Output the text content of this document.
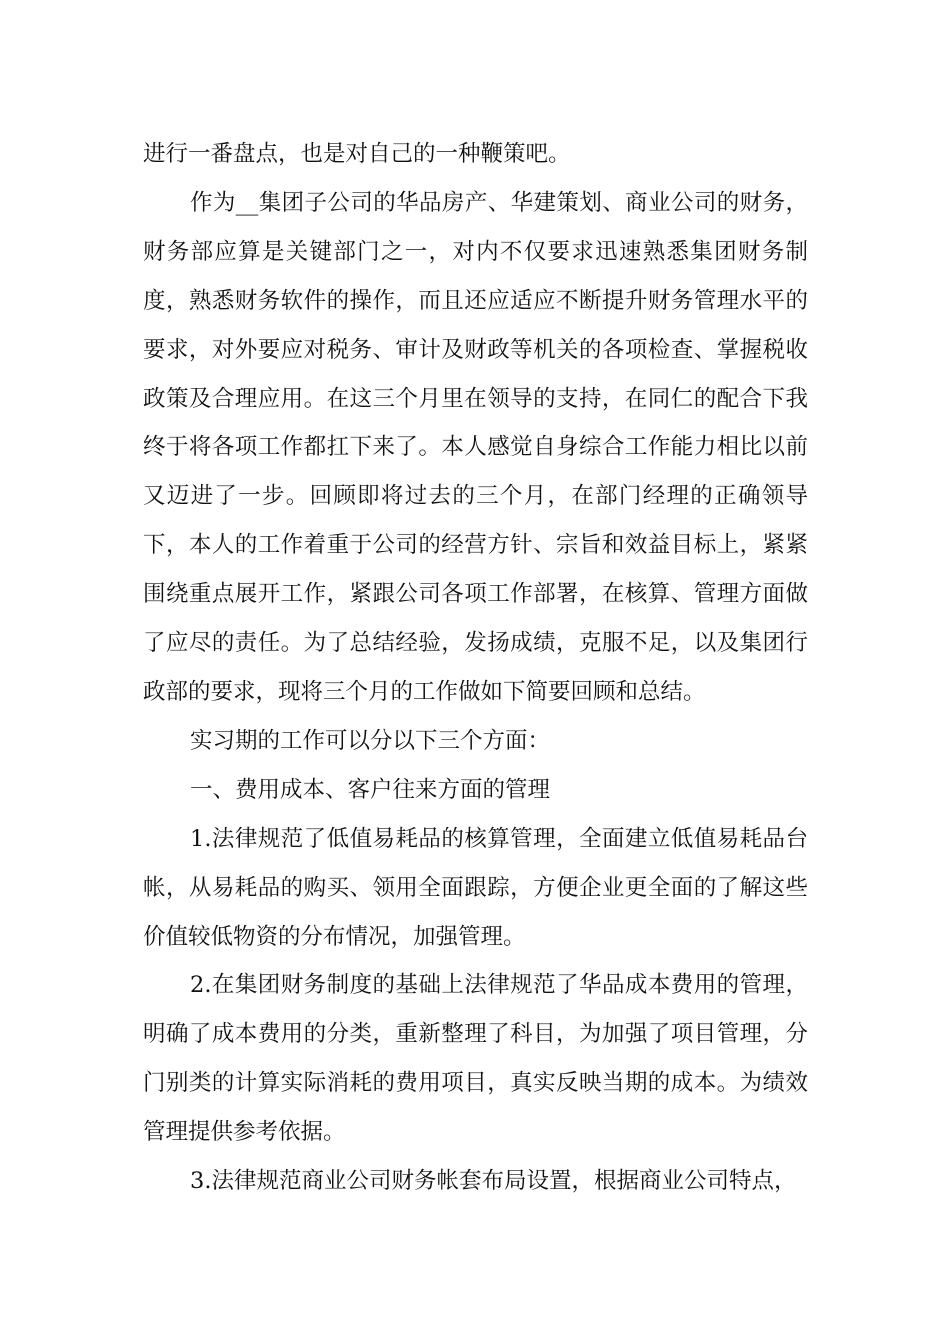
进行一番盘点，也是对自己的一种鞭策吧。

作为__集团子公司的华品房产、华建策划、商业公司的财务，财务部应算是关键部门之一，对内不仅要求迅速熟悉集团财务制度，熟悉财务软件的操作，而且还应适应不断提升财务管理水平的要求，对外要应对税务、审计及财政等机关的各项检查、掌握税收政策及合理应用。在这三个月里在领导的支持，在同仁的配合下我终于将各项工作都扛下来了。本人感觉自身综合工作能力相比以前又迈进了一步。回顾即将过去的三个月，在部门经理的正确领导下，本人的工作着重于公司的经营方针、宗旨和效益目标上，紧紧围绕重点展开工作，紧跟公司各项工作部署，在核算、管理方面做了应尽的责任。为了总结经验，发扬成绩，克服不足，以及集团行政部的要求，现将三个月的工作做如下简要回顾和总结。

实习期的工作可以分以下三个方面：

一、费用成本、客户往来方面的管理

1.法律规范了低值易耗品的核算管理，全面建立低值易耗品台帐，从易耗品的购买、领用全面跟踪，方便企业更全面的了解这些价值较低物资的分布情况，加强管理。

2.在集团财务制度的基础上法律规范了华品成本费用的管理，明确了成本费用的分类，重新整理了科目，为加强了项目管理，分门别类的计算实际消耗的费用项目，真实反映当期的成本。为绩效管理提供参考依据。

3.法律规范商业公司财务帐套布局设置，根据商业公司特点，
